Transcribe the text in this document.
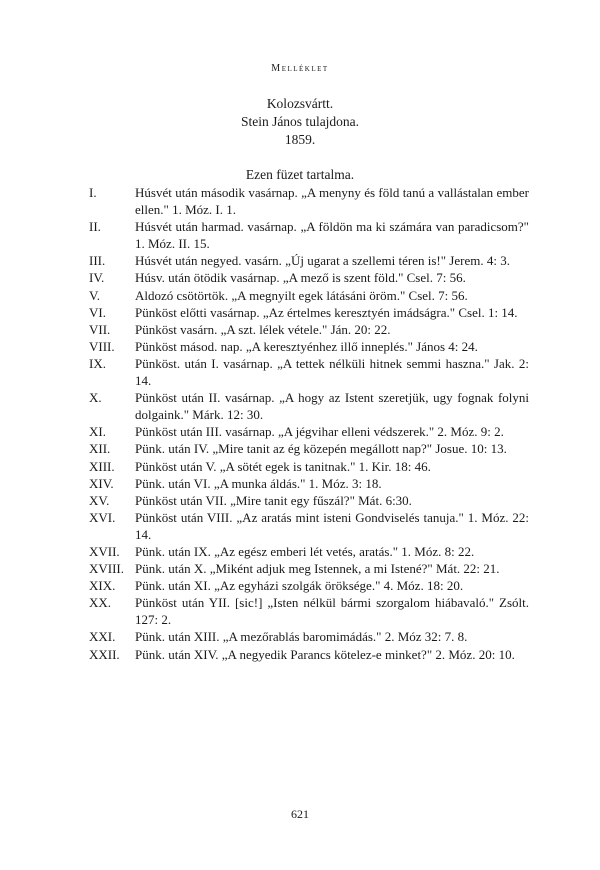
Melléklet
Kolozsvártt.
Stein János tulajdona.
1859.
Ezen füzet tartalma.
I.	Húsvét után második vasárnap. „A menyny és föld tanú a vallástalan ember ellen." 1. Móz. I. 1.
II.	Húsvét után harmad. vasárnap. „A földön ma ki számára van paradicsom?" 1. Móz. II. 15.
III.	Húsvét után negyed. vasárn. „Új ugarat a szellemi téren is!" Jerem. 4: 3.
IV.	Húsv. után ötödik vasárnap. „A mező is szent föld." Csel. 7: 56.
V.	Aldozó csötörtök. „A megnyilt egek látásáni öröm." Csel. 7: 56.
VI.	Pünköst előtti vasárnap. „Az értelmes keresztyén imádságra." Csel. 1: 14.
VII.	Pünköst vasárn. „A szt. lélek vétele." Ján. 20: 22.
VIII.	Pünköst másod. nap. „A keresztyénhez illő inneplés." János 4: 24.
IX.	Pünköst. után I. vasárnap. „A tettek nélküli hitnek semmi haszna." Jak. 2: 14.
X.	Pünköst után II. vasárnap. „A hogy az Istent szeretjük, ugy fognak folyni dolgaink." Márk. 12: 30.
XI.	Pünköst után III. vasárnap. „A jégvihar elleni védszerek." 2. Móz. 9: 2.
XII.	Pünk. után IV. „Mire tanit az ég közepén megállott nap?" Josue. 10: 13.
XIII.	Pünköst után V. „A sötét egek is tanitnak." 1. Kir. 18: 46.
XIV.	Pünk. után VI. „A munka áldás." 1. Móz. 3: 18.
XV.	Pünköst után VII. „Mire tanit egy fűszál?" Mát. 6:30.
XVI.	Pünköst után VIII. „Az aratás mint isteni Gondviselés tanuja." 1. Móz. 22: 14.
XVII.	Pünk. után IX. „Az egész emberi lét vetés, aratás." 1. Móz. 8: 22.
XVIII. Pünk. után X. „Miként adjuk meg Istennek, a mi Istené?" Mát. 22: 21.
XIX.	Pünk. után XI. „Az egyházi szolgák öröksége." 4. Móz. 18: 20.
XX.	Pünköst után YII. [sic!] „Isten nélkül bármi szorgalom hiábavaló." Zsólt. 127: 2.
XXI.	Pünk. után XIII. „A mezőrablás baromimádás." 2. Móz 32: 7. 8.
XXII.	Pünk. után XIV. „A negyedik Parancs kötelez-e minket?" 2. Móz. 20: 10.
621
